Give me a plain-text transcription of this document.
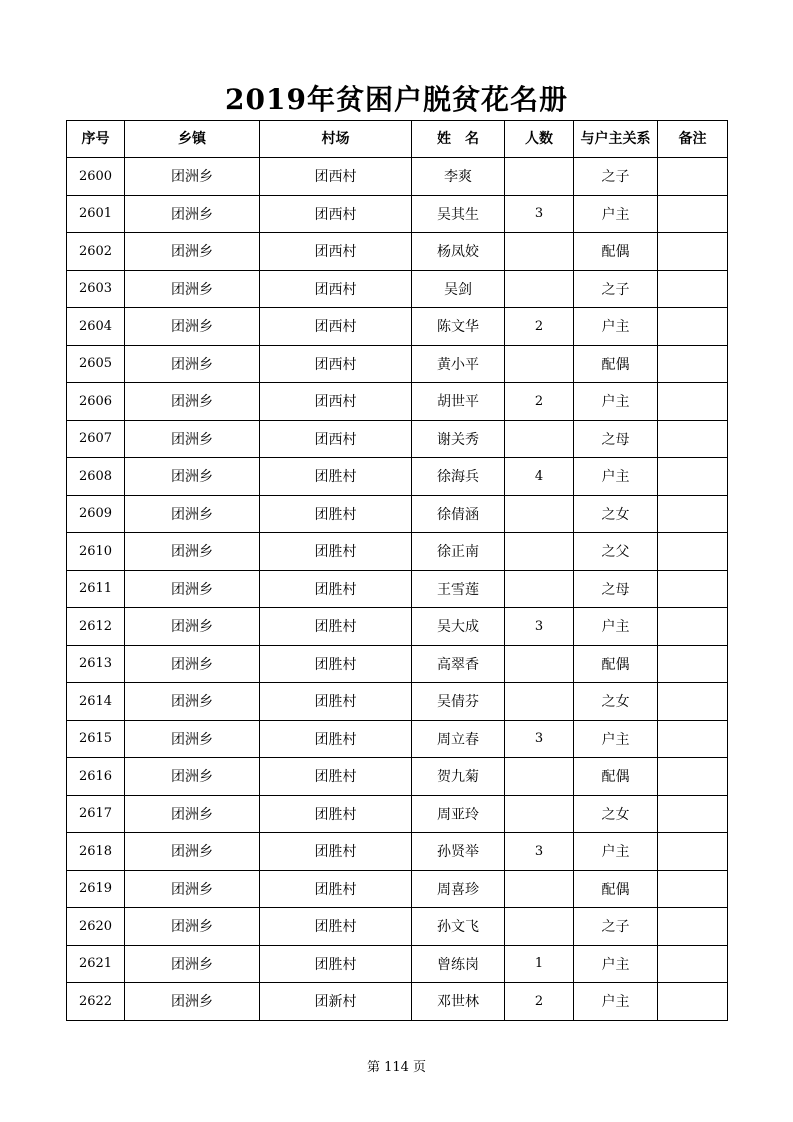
2019年贫困户脱贫花名册
序号	乡镇	村场	姓　名	人数	与户主关系	备注
2600	团洲乡	团西村	李爽		之子	
2601	团洲乡	团西村	吴其生	3	户主	
2602	团洲乡	团西村	杨凤姣		配偶	
2603	团洲乡	团西村	吴剑		之子	
2604	团洲乡	团西村	陈文华	2	户主	
2605	团洲乡	团西村	黄小平		配偶	
2606	团洲乡	团西村	胡世平	2	户主	
2607	团洲乡	团西村	谢关秀		之母	
2608	团洲乡	团胜村	徐海兵	4	户主	
2609	团洲乡	团胜村	徐倩涵		之女	
2610	团洲乡	团胜村	徐正南		之父	
2611	团洲乡	团胜村	王雪莲		之母	
2612	团洲乡	团胜村	吴大成	3	户主	
2613	团洲乡	团胜村	高翠香		配偶	
2614	团洲乡	团胜村	吴倩芬		之女	
2615	团洲乡	团胜村	周立春	3	户主	
2616	团洲乡	团胜村	贺九菊		配偶	
2617	团洲乡	团胜村	周亚玲		之女	
2618	团洲乡	团胜村	孙贤举	3	户主	
2619	团洲乡	团胜村	周喜珍		配偶	
2620	团洲乡	团胜村	孙文飞		之子	
2621	团洲乡	团胜村	曾练岗	1	户主	
2622	团洲乡	团新村	邓世林	2	户主	
第 114 页
